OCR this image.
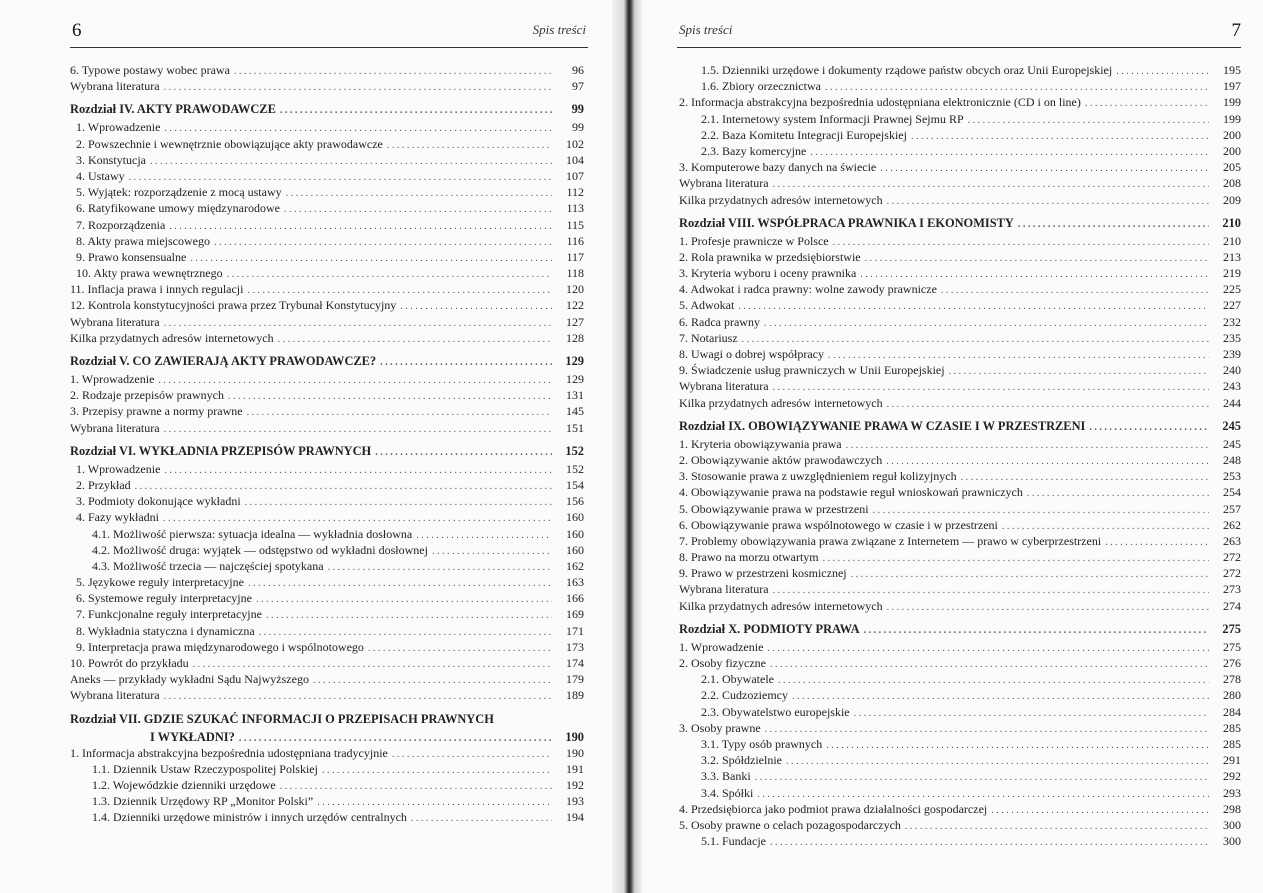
6	Spis treści
6. Typowe postawy wobec prawa . . .	96
Wybrana literatura . . .	97
Rozdział IV. AKTY PRAWODAWCZE . . .	99
1. Wprowadzenie . . .	99
2. Powszechnie i wewnętrznie obowiązujące akty prawodawcze . . .	102
3. Konstytucja . . .	104
4. Ustawy . . .	107
5. Wyjątek: rozporządzenie z mocą ustawy . . .	112
6. Ratyfikowane umowy międzynarodowe . . .	113
7. Rozporządzenia . . .	115
8. Akty prawa miejscowego . . .	116
9. Prawo konsensualne . . .	117
10. Akty prawa wewnętrznego . . .	118
11. Inflacja prawa i innych regulacji . . .	120
12. Kontrola konstytucyjności prawa przez Trybunał Konstytucyjny . . .	122
Wybrana literatura . . .	127
Kilka przydatnych adresów internetowych . . .	128
Rozdział V. CO ZAWIERAJĄ AKTY PRAWODAWCZE? . . .	129
1. Wprowadzenie . . .	129
2. Rodzaje przepisów prawnych . . .	131
3. Przepisy prawne a normy prawne . . .	145
Wybrana literatura . . .	151
Rozdział VI. WYKŁADNIA PRZEPISÓW PRAWNYCH . . .	152
1. Wprowadzenie . . .	152
2. Przykład . . .	154
3. Podmioty dokonujące wykładni . . .	156
4. Fazy wykładni . . .	160
4.1. Możliwość pierwsza: sytuacja idealna — wykładnia dosłowna . . .	160
4.2. Możliwość druga: wyjątek — odstępstwo od wykładni dosłownej . . .	160
4.3. Możliwość trzecia — najczęściej spotykana . . .	162
5. Językowe reguły interpretacyjne . . .	163
6. Systemowe reguły interpretacyjne . . .	166
7. Funkcjonalne reguły interpretacyjne . . .	169
8. Wykładnia statyczna i dynamiczna . . .	171
9. Interpretacja prawa międzynarodowego i wspólnotowego . . .	173
10. Powrót do przykładu . . .	174
Aneks — przykłady wykładni Sądu Najwyższego . . .	179
Wybrana literatura . . .	189
Rozdział VII. GDZIE SZUKAĆ INFORMACJI O PRZEPISACH PRAWNYCH
I WYKŁADNI? . . .	190
1. Informacja abstrakcyjna bezpośrednia udostępniana tradycyjnie . . .	190
1.1. Dziennik Ustaw Rzeczypospolitej Polskiej . . .	191
1.2. Wojewódzkie dzienniki urzędowe . . .	192
1.3. Dziennik Urzędowy RP „Monitor Polski” . . .	193
1.4. Dzienniki urzędowe ministrów i innych urzędów centralnych . . .	194
Spis treści	7
1.5. Dzienniki urzędowe i dokumenty rządowe państw obcych oraz Unii Europejskiej . . .	195
1.6. Zbiory orzecznictwa . . .	197
2. Informacja abstrakcyjna bezpośrednia udostępniana elektronicznie (CD i on line) . . .	199
2.1. Internetowy system Informacji Prawnej Sejmu RP . . .	199
2.2. Baza Komitetu Integracji Europejskiej . . .	200
2.3. Bazy komercyjne . . .	200
3. Komputerowe bazy danych na świecie . . .	205
Wybrana literatura . . .	208
Kilka przydatnych adresów internetowych . . .	209
Rozdział VIII. WSPÓŁPRACA PRAWNIKA I EKONOMISTY . . .	210
1. Profesje prawnicze w Polsce . . .	210
2. Rola prawnika w przedsiębiorstwie . . .	213
3. Kryteria wyboru i oceny prawnika . . .	219
4. Adwokat i radca prawny: wolne zawody prawnicze . . .	225
5. Adwokat . . .	227
6. Radca prawny . . .	232
7. Notariusz . . .	235
8. Uwagi o dobrej współpracy . . .	239
9. Świadczenie usług prawniczych w Unii Europejskiej . . .	240
Wybrana literatura . . .	243
Kilka przydatnych adresów internetowych . . .	244
Rozdział IX. OBOWIĄZYWANIE PRAWA W CZASIE I W PRZESTRZENI . . .	245
1. Kryteria obowiązywania prawa . . .	245
2. Obowiązywanie aktów prawodawczych . . .	248
3. Stosowanie prawa z uwzględnieniem reguł kolizyjnych . . .	253
4. Obowiązywanie prawa na podstawie reguł wnioskowań prawniczych . . .	254
5. Obowiązywanie prawa w przestrzeni . . .	257
6. Obowiązywanie prawa wspólnotowego w czasie i w przestrzeni . . .	262
7. Problemy obowiązywania prawa związane z Internetem — prawo w cyberprzestrzeni . . .	263
8. Prawo na morzu otwartym . . .	272
9. Prawo w przestrzeni kosmicznej . . .	272
Wybrana literatura . . .	273
Kilka przydatnych adresów internetowych . . .	274
Rozdział X. PODMIOTY PRAWA . . .	275
1. Wprowadzenie . . .	275
2. Osoby fizyczne . . .	276
2.1. Obywatele . . .	278
2.2. Cudzoziemcy . . .	280
2.3. Obywatelstwo europejskie . . .	284
3. Osoby prawne . . .	285
3.1. Typy osób prawnych . . .	285
3.2. Spółdzielnie . . .	291
3.3. Banki . . .	292
3.4. Spółki . . .	293
4. Przedsiębiorca jako podmiot prawa działalności gospodarczej . . .	298
5. Osoby prawne o celach pozagospodarczych . . .	300
5.1. Fundacje . . .	300
